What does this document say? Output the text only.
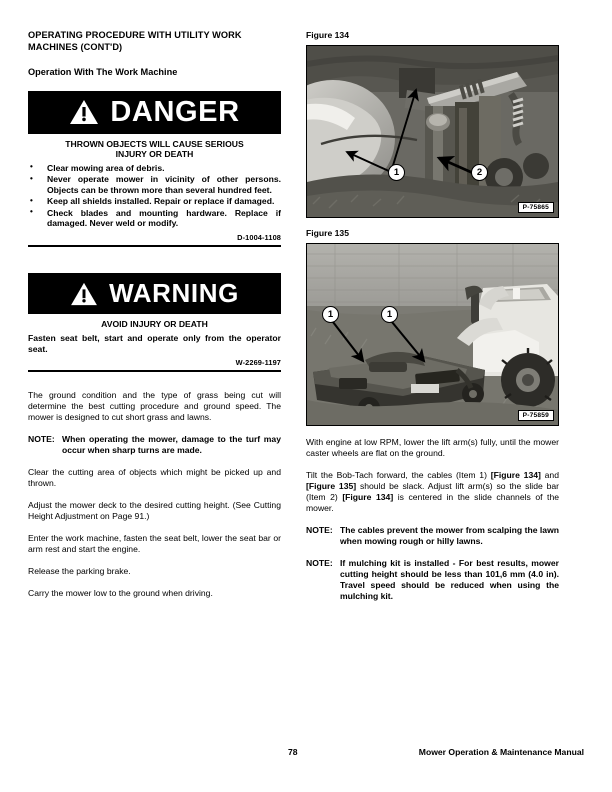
OPERATING PROCEDURE WITH UTILITY WORK MACHINES (CONT'D)
Operation With The Work Machine
DANGER
THROWN OBJECTS WILL CAUSE SERIOUS
INJURY OR DEATH
• Clear mowing area of debris.
• Never operate mower in vicinity of other persons. Objects can be thrown more than several hundred feet.
• Keep all shields installed. Repair or replace if damaged.
• Check blades and mounting hardware. Replace if damaged. Never weld or modify.
D-1004-1108
WARNING
AVOID INJURY OR DEATH
Fasten seat belt, start and operate only from the operator seat.
W-2269-1197

The ground condition and the type of grass being cut will determine the best cutting procedure and ground speed. The mower is designed to cut short grass and lawns.

NOTE: When operating the mower, damage to the turf may occur when sharp turns are made.

Clear the cutting area of objects which might be picked up and thrown.

Adjust the mower deck to the desired cutting height. (See Cutting Height Adjustment on Page 91.)

Enter the work machine, fasten the seat belt, lower the seat bar or arm rest and start the engine.

Release the parking brake.

Carry the mower low to the ground when driving.

Figure 134
1	2
P-75865
Figure 135
1	1
P-75859

With engine at low RPM, lower the lift arm(s) fully, until the mower caster wheels are flat on the ground.

Tilt the Bob-Tach forward, the cables (Item 1) [Figure 134] and [Figure 135] should be slack. Adjust lift arm(s) so the slide bar (Item 2) [Figure 134] is centered in the slide channels of the mower.

NOTE: The cables prevent the mower from scalping the lawn when mowing rough or hilly lawns.
NOTE: If mulching kit is installed - For best results, mower cutting height should be less than 101,6 mm (4.0 in). Travel speed should be reduced when using the mulching kit.
78	Mower Operation & Maintenance Manual
